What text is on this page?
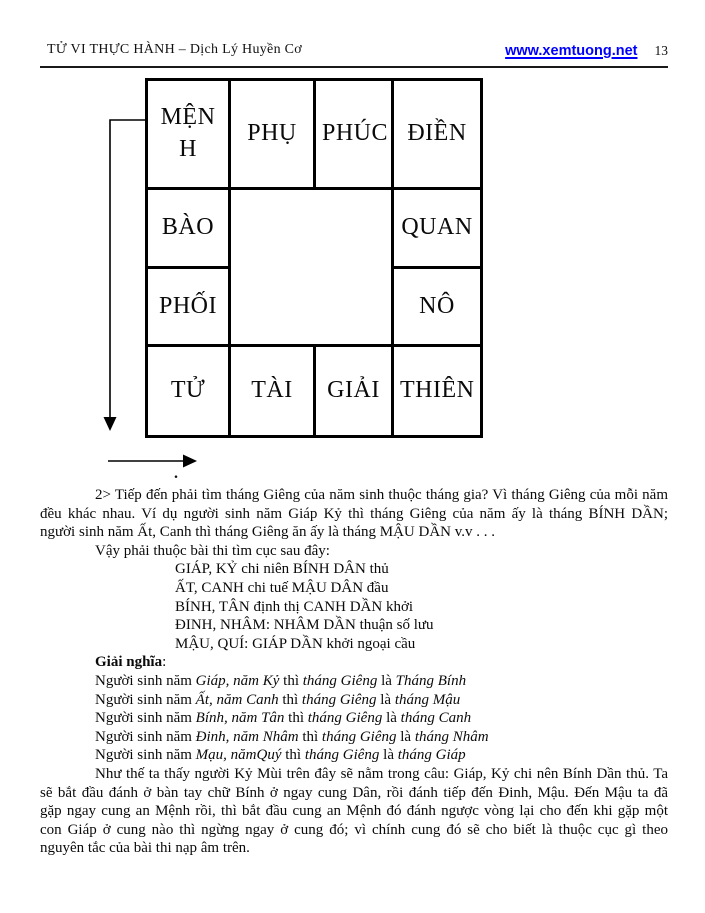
TỬ VI THỰC HÀNH – Dịch Lý Huyền Cơ	www.xemtuong.net 13
MỆNH	PHỤ	PHÚC	ĐIỀN
BÀO			QUAN
PHỐI			NÔ
TỬ	TÀI	GIẢI	THIÊN
.
2> Tiếp đến phải tìm tháng Giêng của năm sinh thuộc tháng gia? Vì tháng Giêng của mỗi năm
đều khác nhau. Ví dụ người sinh năm Giáp Kỷ thì tháng Giêng của năm ấy là tháng BÍNH DẦN;
người sinh năm Ất, Canh thì tháng Giêng ăn ấy là tháng MẬU DẦN v.v . . .
Vậy phải thuộc bài thi tìm cục sau đây:
GIÁP, KỶ chi niên BÍNH DÂN thủ
ẤT, CANH chi tuế MẬU DÂN đầu
BÍNH, TÂN định thị CANH DẦN khởi
ĐINH, NHÂM: NHÂM DẦN thuận số lưu
MẬU, QUÍ: GIÁP DẦN khởi ngoại cầu
Giải nghĩa:
Người sinh năm Giáp, năm Kỷ thì tháng Giêng là Tháng Bính
Người sinh năm Ất, năm Canh thì tháng Giêng là tháng Mậu
Người sinh năm Bính, năm Tân thì tháng Giêng là tháng Canh
Người sinh năm Đinh, năm Nhâm thì tháng Giêng là tháng Nhâm
Người sinh năm Mạu, nămQuý thì tháng Giêng là tháng Giáp
Như thế ta thấy người Kỷ Mùi trên đây sẽ nằm trong câu: Giáp, Kỷ chi nên Bính Dần thủ. Ta
sẽ bắt đầu đánh ở bàn tay chữ Bính ở ngay cung Dân, rồi đánh tiếp đến Đinh, Mậu. Đến Mậu ta đã
gặp ngay cung an Mệnh rồi, thì bắt đầu cung an Mệnh đó đánh ngược vòng lại cho đến khi gặp một
con Giáp ở cung nào thì ngừng ngay ở cung đó; vì chính cung đó sẽ cho biết là thuộc cục gì theo
nguyên tắc của bài thi nạp âm trên.
